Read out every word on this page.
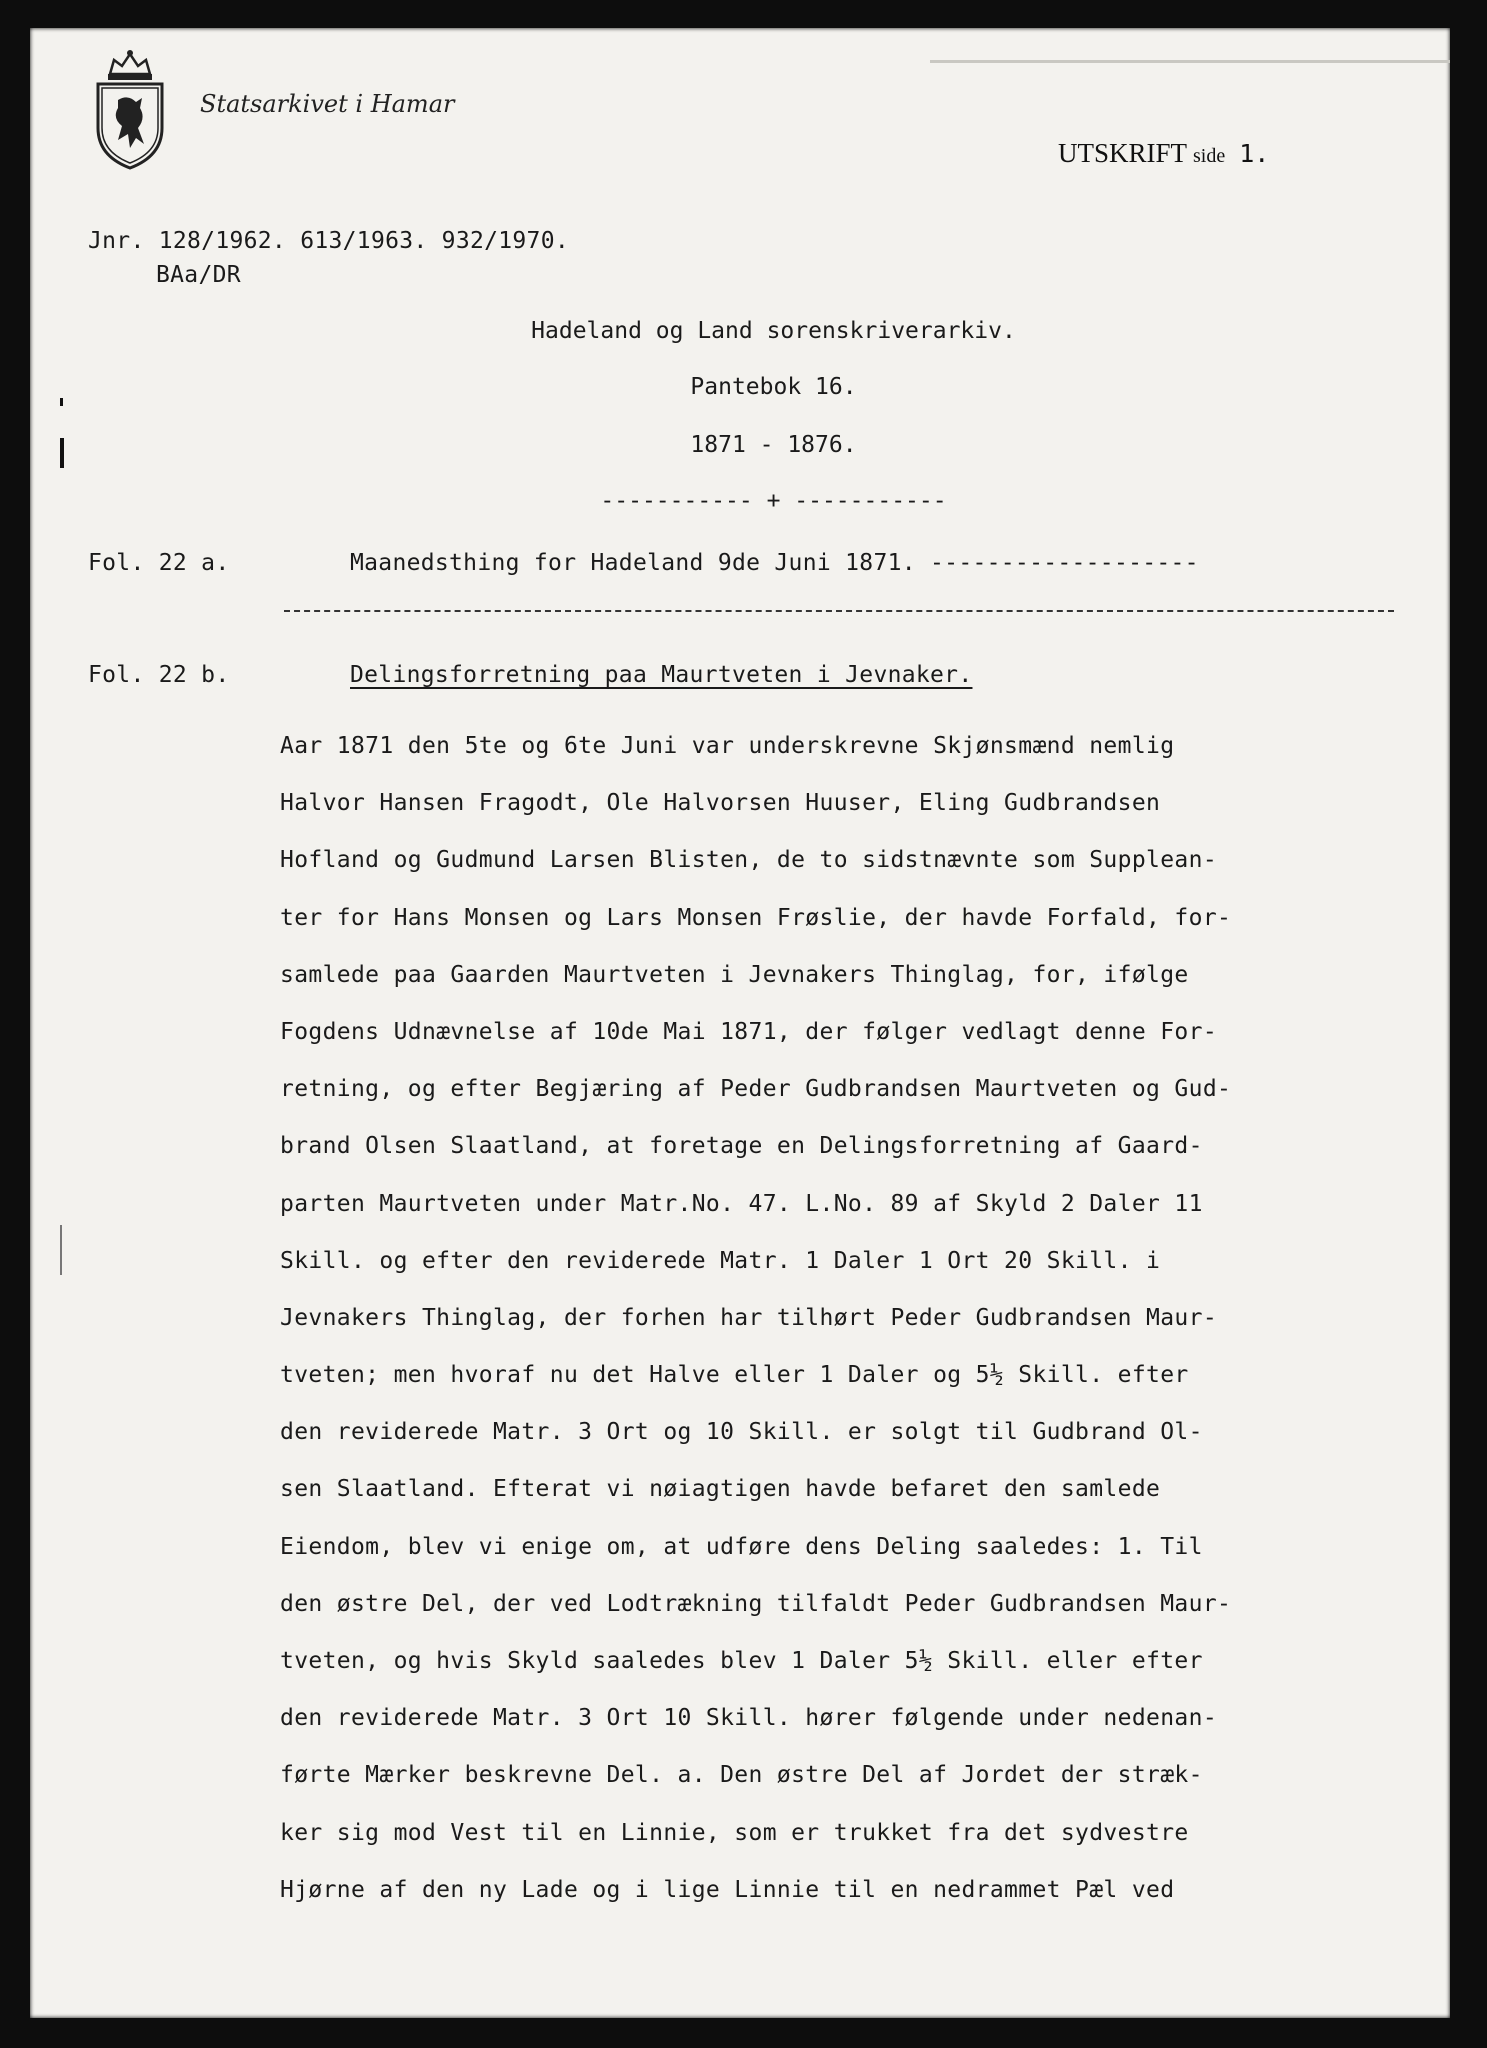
Statsarkivet i Hamar
UTSKRIFT side 1.
Jnr. 128/1962. 613/1963. 932/1970.
BAa/DR
Hadeland og Land sorenskriverarkiv.
Pantebok 16.
1871 - 1876.
----------- + -----------
Fol. 22 a.	Maanedsthing for Hadeland 9de Juni 1871. -------------------
Fol. 22 b.	Delingsforretning paa Maurtveten i Jevnaker.
Aar 1871 den 5te og 6te Juni var underskrevne Skjønsmænd nemlig
Halvor Hansen Fragodt, Ole Halvorsen Huuser, Eling Gudbrandsen
Hofland og Gudmund Larsen Blisten, de to sidstnævnte som Supplean-
ter for Hans Monsen og Lars Monsen Frøslie, der havde Forfald, for-
samlede paa Gaarden Maurtveten i Jevnakers Thinglag, for, ifølge
Fogdens Udnævnelse af 10de Mai 1871, der følger vedlagt denne For-
retning, og efter Begjæring af Peder Gudbrandsen Maurtveten og Gud-
brand Olsen Slaatland, at foretage en Delingsforretning af Gaard-
parten Maurtveten under Matr.No. 47. L.No. 89 af Skyld 2 Daler 11
Skill. og efter den reviderede Matr. 1 Daler 1 Ort 20 Skill. i
Jevnakers Thinglag, der forhen har tilhørt Peder Gudbrandsen Maur-
tveten; men hvoraf nu det Halve eller 1 Daler og 5½ Skill. efter
den reviderede Matr. 3 Ort og 10 Skill. er solgt til Gudbrand Ol-
sen Slaatland. Efterat vi nøiagtigen havde befaret den samlede
Eiendom, blev vi enige om, at udføre dens Deling saaledes: 1. Til
den østre Del, der ved Lodtrækning tilfaldt Peder Gudbrandsen Maur-
tveten, og hvis Skyld saaledes blev 1 Daler 5½ Skill. eller efter
den reviderede Matr. 3 Ort 10 Skill. hører følgende under nedenan-
førte Mærker beskrevne Del. a. Den østre Del af Jordet der stræk-
ker sig mod Vest til en Linnie, som er trukket fra det sydvestre
Hjørne af den ny Lade og i lige Linnie til en nedrammet Pæl ved
